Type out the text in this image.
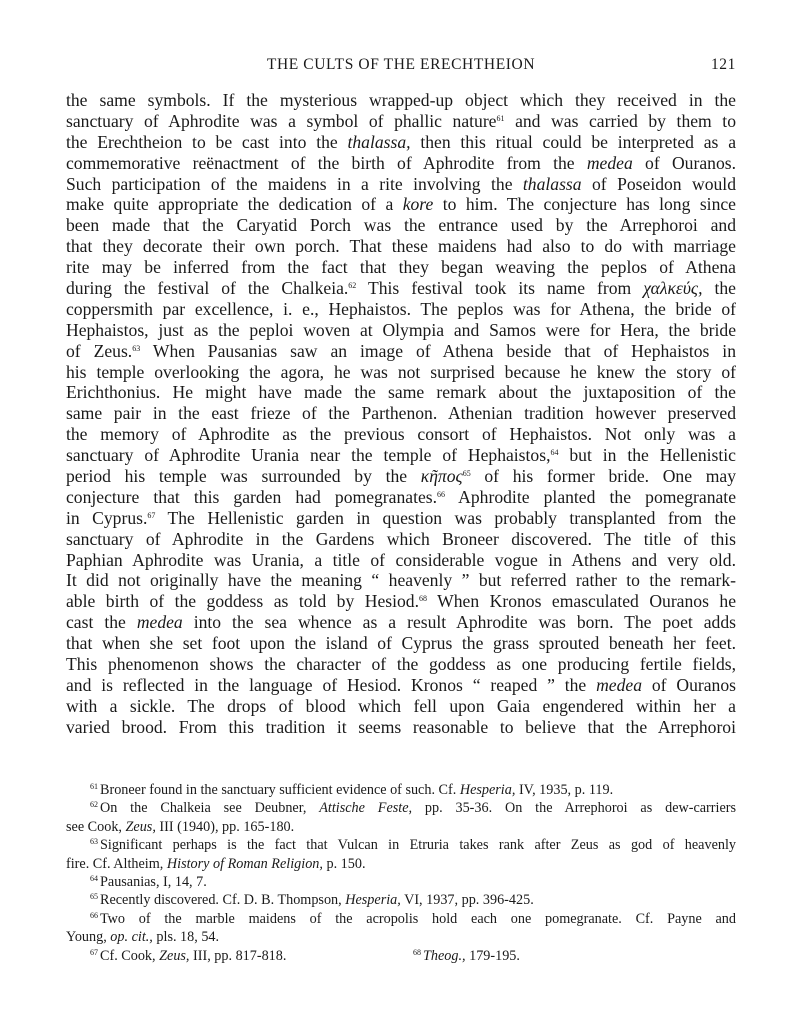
THE CULTS OF THE ERECHTHEION	121
the same symbols. If the mysterious wrapped-up object which they received in the
sanctuary of Aphrodite was a symbol of phallic nature$^{61}$ and was carried by them to
the Erechtheion to be cast into the thalassa, then this ritual could be interpreted as a
commemorative reënactment of the birth of Aphrodite from the medea of Ouranos.
Such participation of the maidens in a rite involving the thalassa of Poseidon would
make quite appropriate the dedication of a kore to him. The conjecture has long since
been made that the Caryatid Porch was the entrance used by the Arrephoroi and
that they decorate their own porch. That these maidens had also to do with marriage
rite may be inferred from the fact that they began weaving the peplos of Athena
during the festival of the Chalkeia.$^{62}$ This festival took its name from χαλκεύς, the
coppersmith par excellence, i. e., Hephaistos. The peplos was for Athena, the bride of
Hephaistos, just as the peploi woven at Olympia and Samos were for Hera, the bride
of Zeus.$^{63}$ When Pausanias saw an image of Athena beside that of Hephaistos in
his temple overlooking the agora, he was not surprised because he knew the story of
Erichthonius. He might have made the same remark about the juxtaposition of the
same pair in the east frieze of the Parthenon. Athenian tradition however preserved
the memory of Aphrodite as the previous consort of Hephaistos. Not only was a
sanctuary of Aphrodite Urania near the temple of Hephaistos,$^{64}$ but in the Hellenistic
period his temple was surrounded by the κῆπος$^{65}$ of his former bride. One may
conjecture that this garden had pomegranates.$^{66}$ Aphrodite planted the pomegranate
in Cyprus.$^{67}$ The Hellenistic garden in question was probably transplanted from the
sanctuary of Aphrodite in the Gardens which Broneer discovered. The title of this
Paphian Aphrodite was Urania, a title of considerable vogue in Athens and very old.
It did not originally have the meaning “ heavenly ” but referred rather to the remark-
able birth of the goddess as told by Hesiod.$^{68}$ When Kronos emasculated Ouranos he
cast the medea into the sea whence as a result Aphrodite was born. The poet adds
that when she set foot upon the island of Cyprus the grass sprouted beneath her feet.
This phenomenon shows the character of the goddess as one producing fertile fields,
and is reflected in the language of Hesiod. Kronos “ reaped ” the medea of Ouranos
with a sickle. The drops of blood which fell upon Gaia engendered within her a
varied brood. From this tradition it seems reasonable to believe that the Arrephoroi
$^{61}$ Broneer found in the sanctuary sufficient evidence of such. Cf. Hesperia, IV, 1935, p. 119.
$^{62}$ On the Chalkeia see Deubner, Attische Feste, pp. 35-36. On the Arrephoroi as dew-carriers
see Cook, Zeus, III (1940), pp. 165-180.
$^{63}$ Significant perhaps is the fact that Vulcan in Etruria takes rank after Zeus as god of heavenly
fire. Cf. Altheim, History of Roman Religion, p. 150.
$^{64}$ Pausanias, I, 14, 7.
$^{65}$ Recently discovered. Cf. D. B. Thompson, Hesperia, VI, 1937, pp. 396-425.
$^{66}$ Two of the marble maidens of the acropolis hold each one pomegranate. Cf. Payne and
Young, op. cit., pls. 18, 54.
$^{67}$ Cf. Cook, Zeus, III, pp. 817-818.	$^{68}$ Theog., 179-195.
